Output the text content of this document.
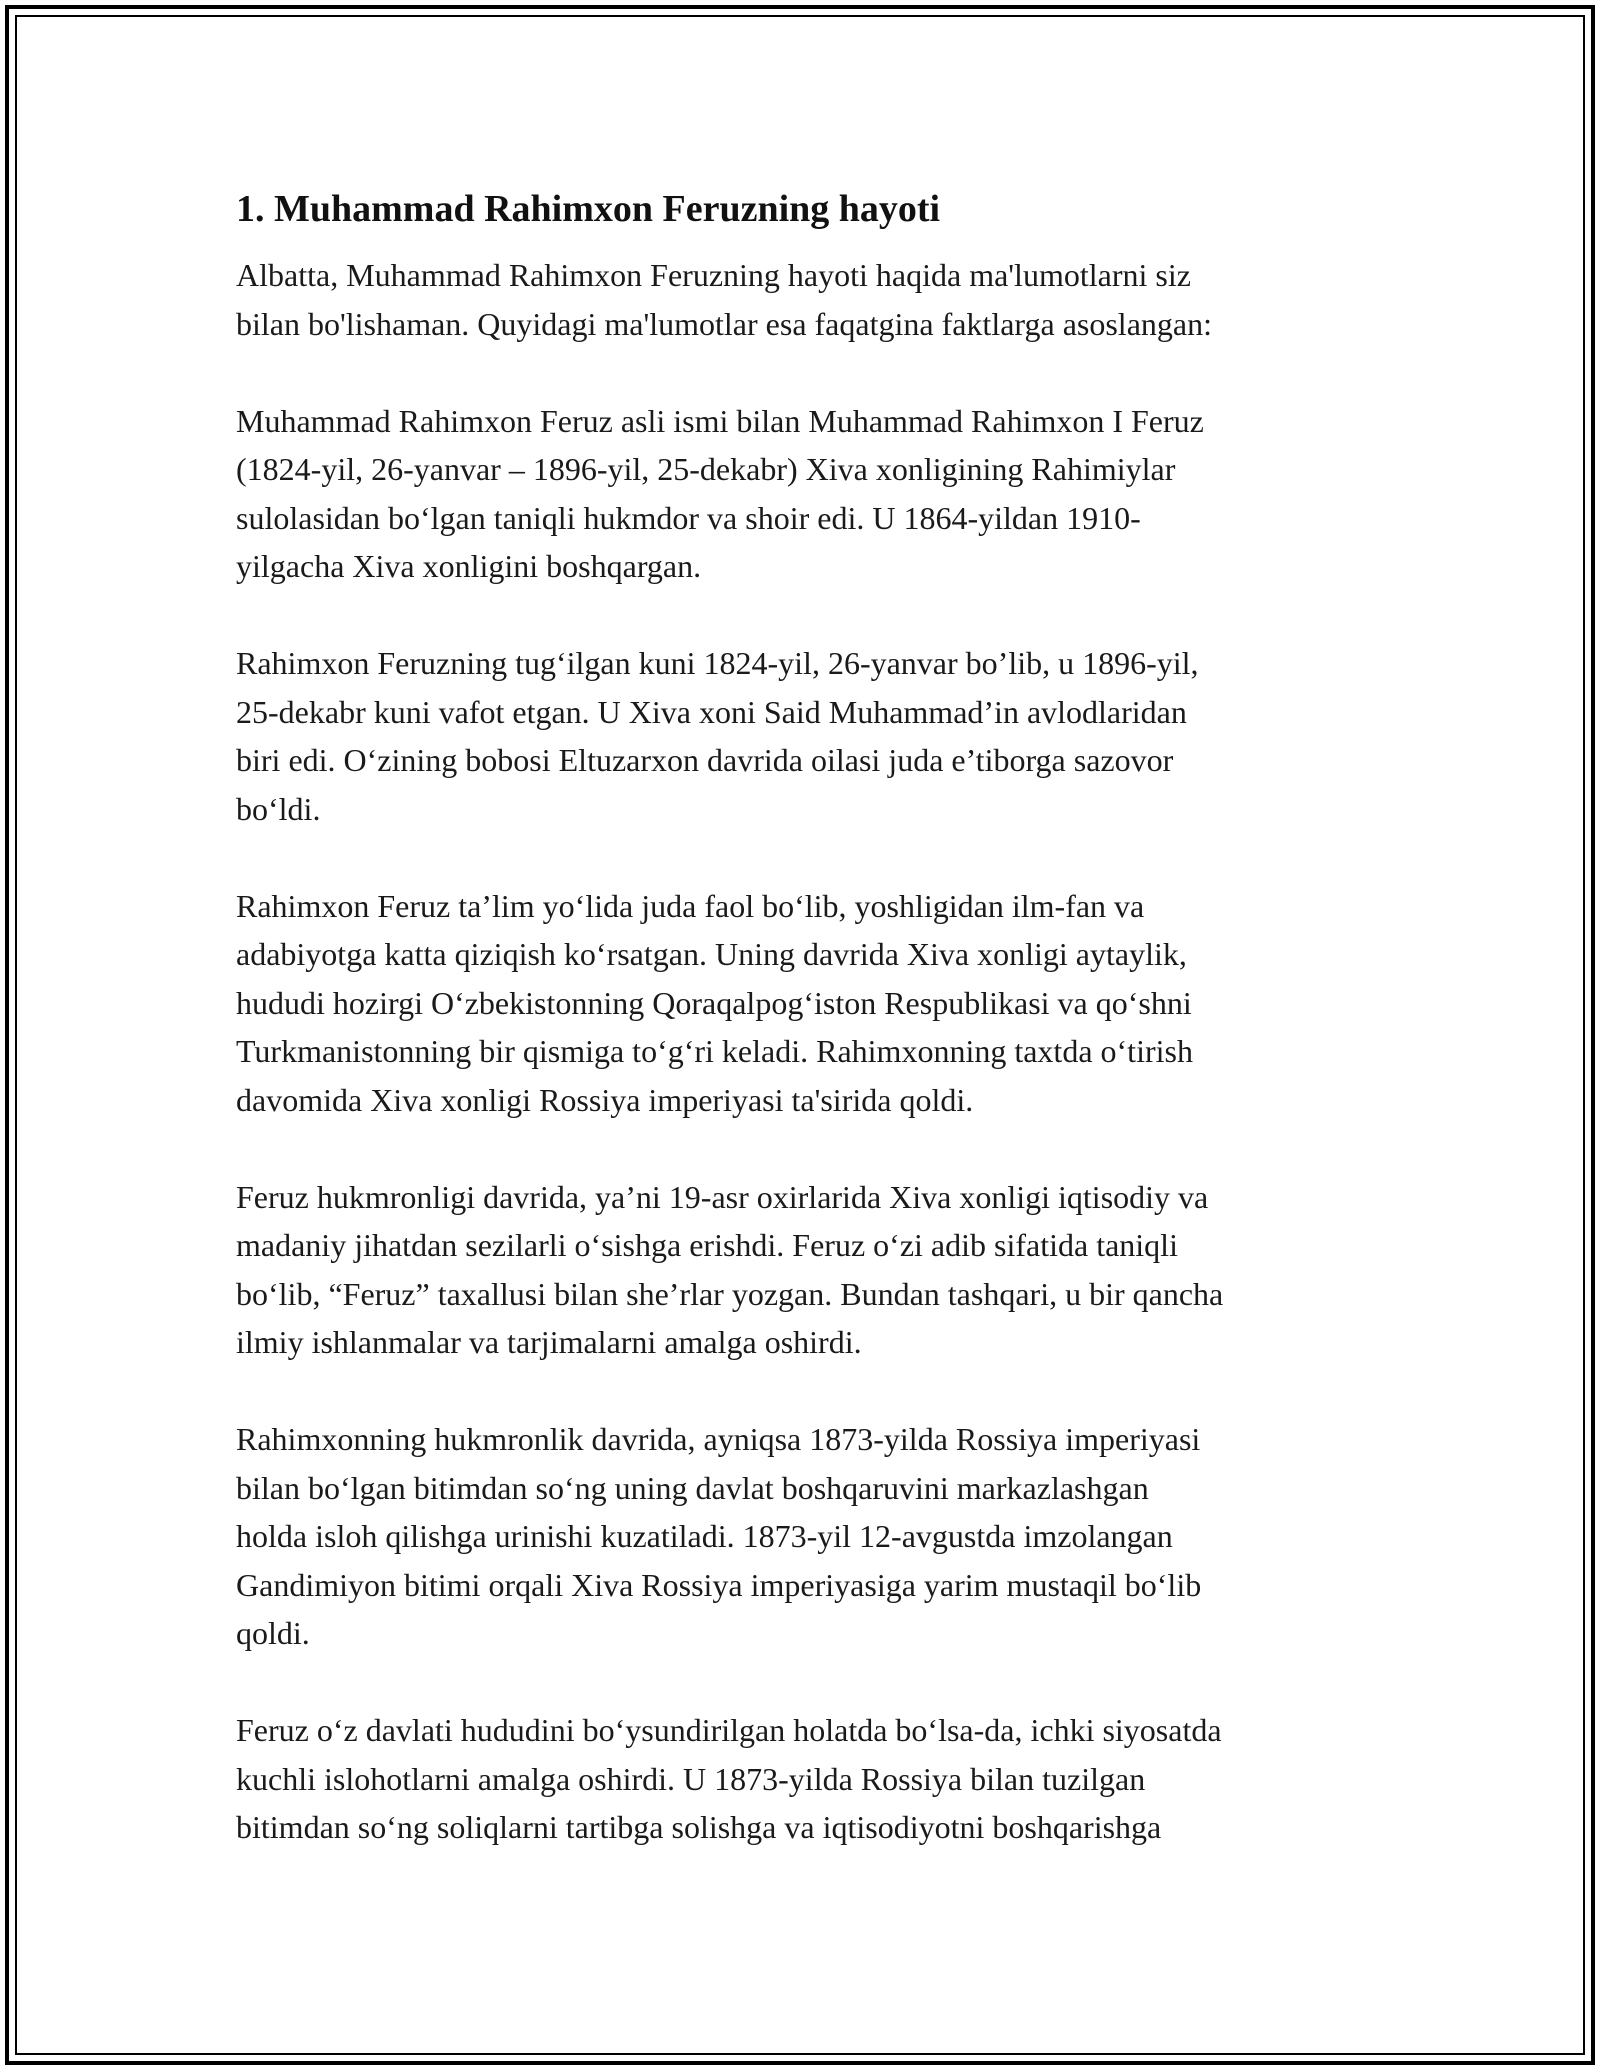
1. Muhammad Rahimxon Feruzning hayoti

Albatta, Muhammad Rahimxon Feruzning hayoti haqida ma'lumotlarni siz
bilan bo'lishaman. Quyidagi ma'lumotlar esa faqatgina faktlarga asoslangan:

Muhammad Rahimxon Feruz asli ismi bilan Muhammad Rahimxon I Feruz
(1824-yil, 26-yanvar – 1896-yil, 25-dekabr) Xiva xonligining Rahimiylar
sulolasidan boʻlgan taniqli hukmdor va shoir edi. U 1864-yildan 1910-
yilgacha Xiva xonligini boshqargan.

Rahimxon Feruzning tugʻilgan kuni 1824-yil, 26-yanvar bo’lib, u 1896-yil,
25-dekabr kuni vafot etgan. U Xiva xoni Said Muhammad’in avlodlaridan
biri edi. Oʻzining bobosi Eltuzarxon davrida oilasi juda e’tiborga sazovor
boʻldi.

Rahimxon Feruz ta’lim yoʻlida juda faol boʻlib, yoshligidan ilm-fan va
adabiyotga katta qiziqish koʻrsatgan. Uning davrida Xiva xonligi aytaylik,
hududi hozirgi Oʻzbekistonning Qoraqalpogʻiston Respublikasi va qoʻshni
Turkmanistonning bir qismiga toʻgʻri keladi. Rahimxonning taxtda oʻtirish
davomida Xiva xonligi Rossiya imperiyasi ta'sirida qoldi.

Feruz hukmronligi davrida, ya’ni 19-asr oxirlarida Xiva xonligi iqtisodiy va
madaniy jihatdan sezilarli oʻsishga erishdi. Feruz oʻzi adib sifatida taniqli
boʻlib, “Feruz” taxallusi bilan she’rlar yozgan. Bundan tashqari, u bir qancha
ilmiy ishlanmalar va tarjimalarni amalga oshirdi.

Rahimxonning hukmronlik davrida, ayniqsa 1873-yilda Rossiya imperiyasi
bilan boʻlgan bitimdan soʻng uning davlat boshqaruvini markazlashgan
holda isloh qilishga urinishi kuzatiladi. 1873-yil 12-avgustda imzolangan
Gandimiyon bitimi orqali Xiva Rossiya imperiyasiga yarim mustaqil boʻlib
qoldi.

Feruz oʻz davlati hududini boʻysundirilgan holatda boʻlsa-da, ichki siyosatda
kuchli islohotlarni amalga oshirdi. U 1873-yilda Rossiya bilan tuzilgan
bitimdan soʻng soliqlarni tartibga solishga va iqtisodiyotni boshqarishga
